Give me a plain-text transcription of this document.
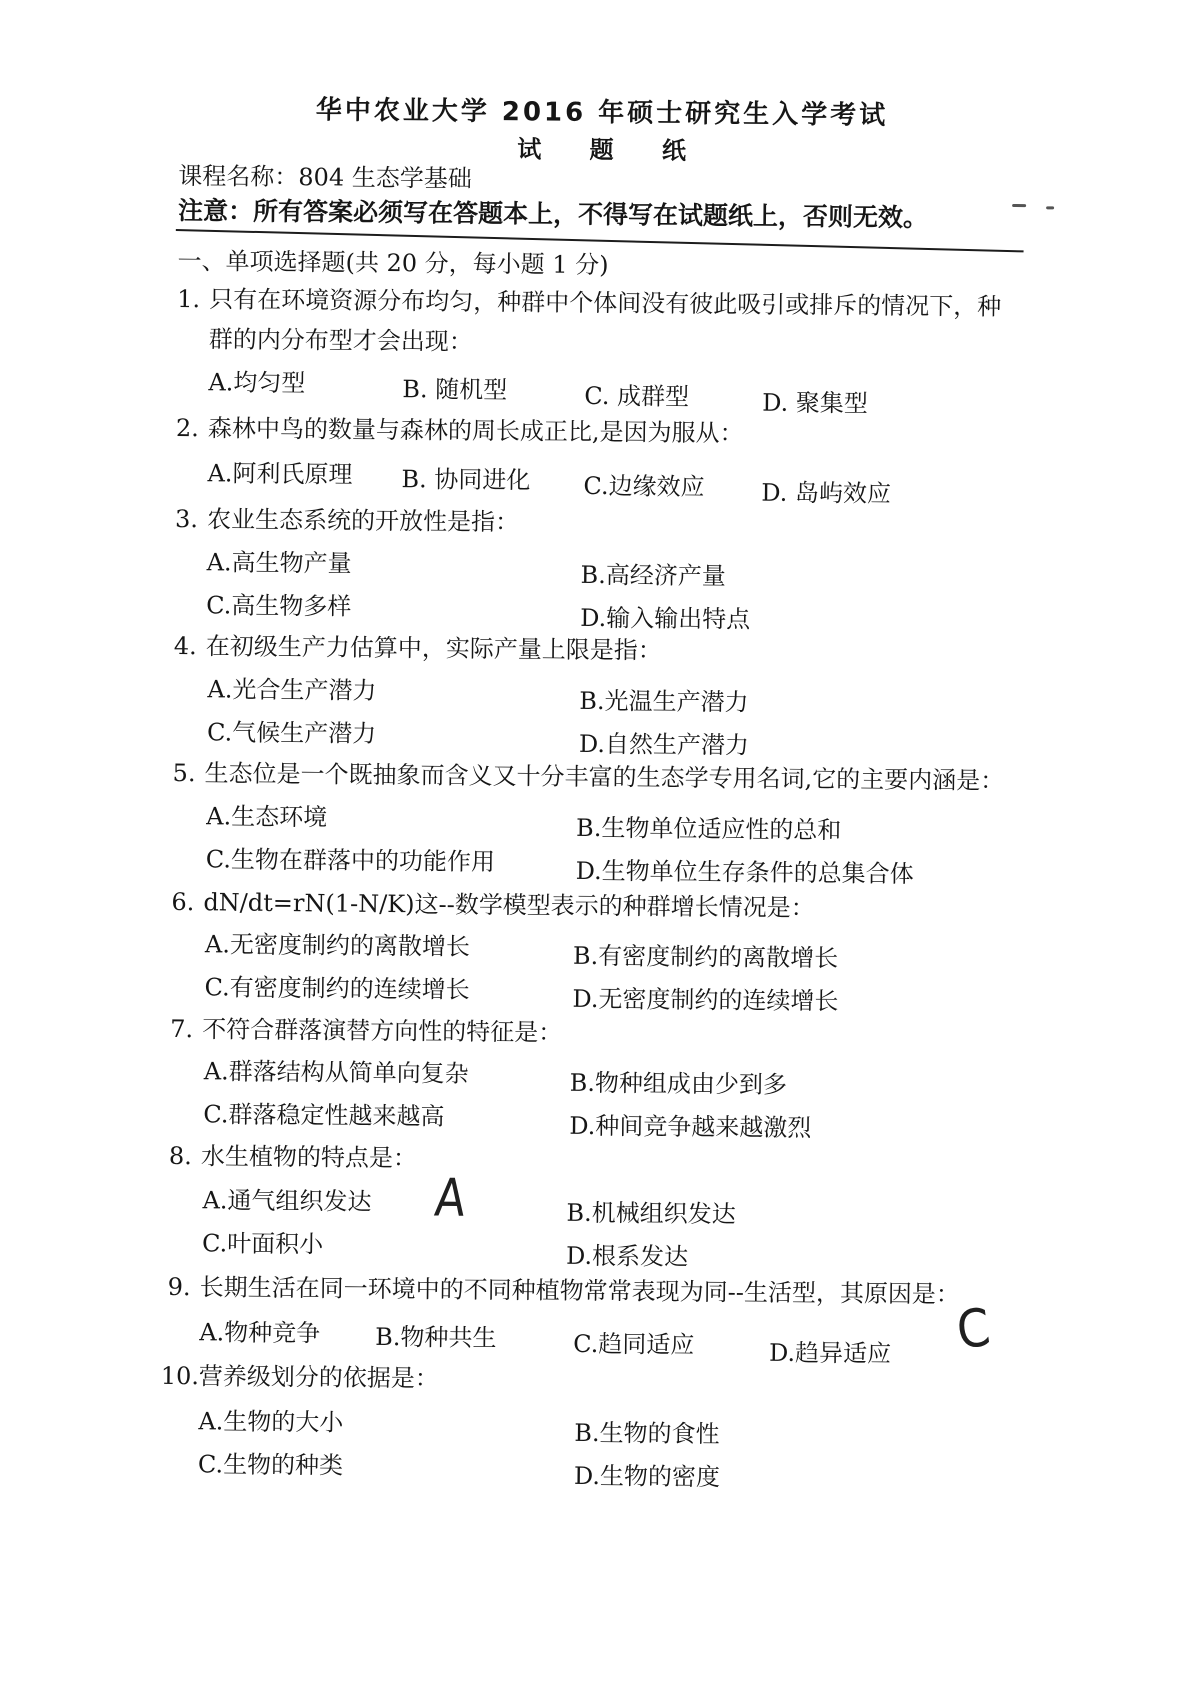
华中农业大学 2016 年硕士研究生入学考试
试 题 纸
课程名称：804 生态学基础
注意：所有答案必须写在答题本上，不得写在试题纸上，否则无效。
一、单项选择题(共 20 分，每小题 1 分)
1. 只有在环境资源分布均匀，种群中个体间没有彼此吸引或排斥的情况下，种
群的内分布型才会出现：
A.均匀型	B. 随机型	C. 成群型	D. 聚集型
2. 森林中鸟的数量与森林的周长成正比,是因为服从：
A.阿利氏原理 B. 协同进化 C.边缘效应 D. 岛屿效应
3. 农业生态系统的开放性是指：
A.高生物产量	B.高经济产量
C.高生物多样	D.输入输出特点
4. 在初级生产力估算中，实际产量上限是指：
A.光合生产潜力	B.光温生产潜力
C.气候生产潜力	D.自然生产潜力
5. 生态位是一个既抽象而含义又十分丰富的生态学专用名词,它的主要内涵是：
A.生态环境	B.生物单位适应性的总和
C.生物在群落中的功能作用	D.生物单位生存条件的总集合体
6. dN/dt=rN(1-N/K)这--数学模型表示的种群增长情况是：
A.无密度制约的离散增长	B.有密度制约的离散增长
C.有密度制约的连续增长	D.无密度制约的连续增长
7. 不符合群落演替方向性的特征是：
A.群落结构从简单向复杂	B.物种组成由少到多
C.群落稳定性越来越高	D.种间竞争越来越激烈
8. 水生植物的特点是：
A.通气组织发达 A	B.机械组织发达
C.叶面积小	D.根系发达
9. 长期生活在同一环境中的不同种植物常常表现为同--生活型，其原因是：
A.物种竞争 B.物种共生	C.趋同适应	D.趋异适应 C
10.营养级划分的依据是：
A.生物的大小	B.生物的食性
C.生物的种类	D.生物的密度
